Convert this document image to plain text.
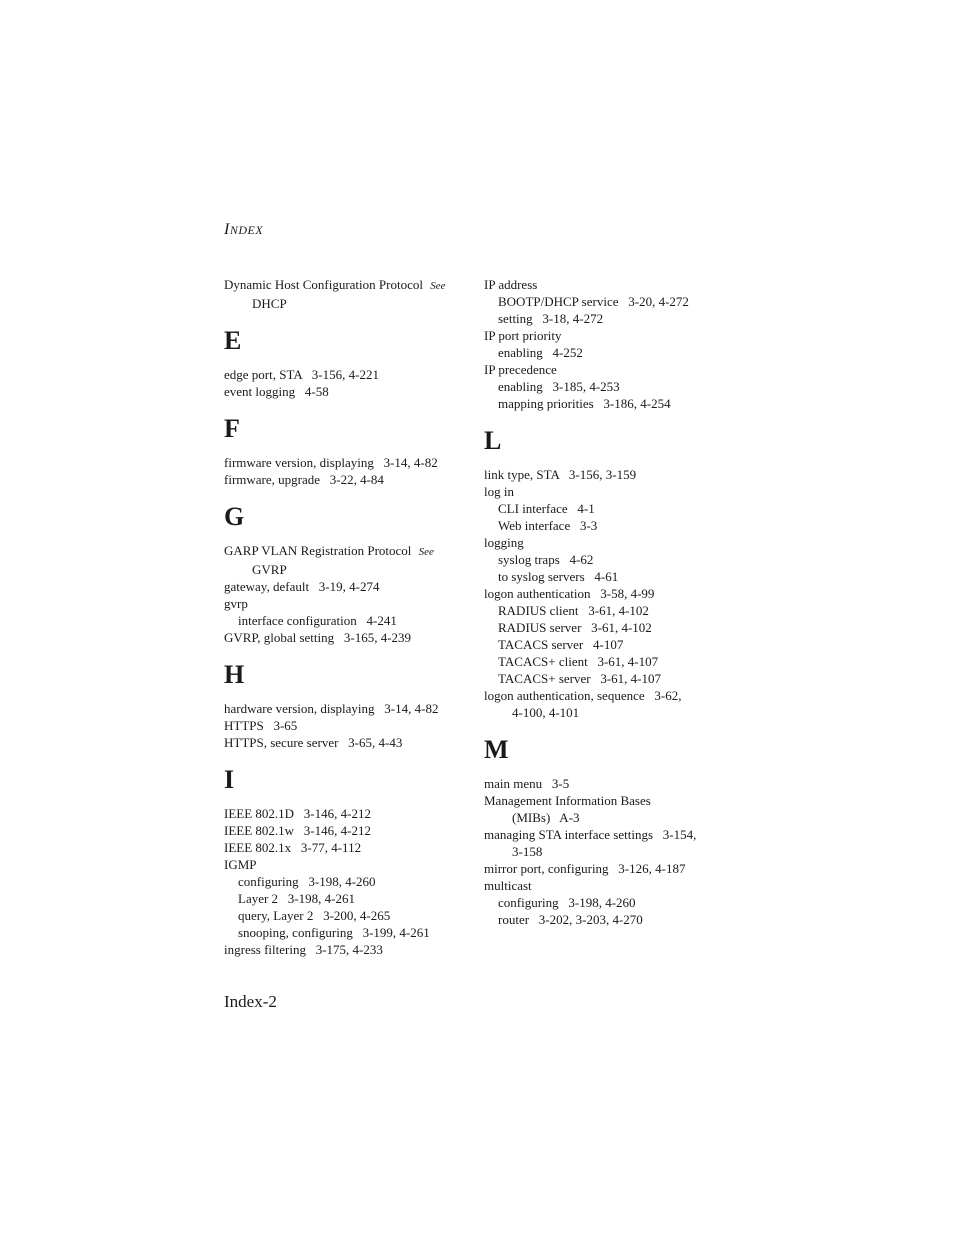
INDEX
Dynamic Host Configuration Protocol See
DHCP
E
edge port, STA   3-156, 4-221
event logging   4-58
F
firmware version, displaying   3-14, 4-82
firmware, upgrade   3-22, 4-84
G
GARP VLAN Registration Protocol See
GVRP
gateway, default   3-19, 4-274
gvrp
interface configuration   4-241
GVRP, global setting   3-165, 4-239
H
hardware version, displaying   3-14, 4-82
HTTPS   3-65
HTTPS, secure server   3-65, 4-43
I
IEEE 802.1D   3-146, 4-212
IEEE 802.1w   3-146, 4-212
IEEE 802.1x   3-77, 4-112
IGMP
configuring   3-198, 4-260
Layer 2   3-198, 4-261
query, Layer 2   3-200, 4-265
snooping, configuring   3-199, 4-261
ingress filtering   3-175, 4-233
IP address
BOOTP/DHCP service   3-20, 4-272
setting   3-18, 4-272
IP port priority
enabling   4-252
IP precedence
enabling   3-185, 4-253
mapping priorities   3-186, 4-254
L
link type, STA   3-156, 3-159
log in
CLI interface   4-1
Web interface   3-3
logging
syslog traps   4-62
to syslog servers   4-61
logon authentication   3-58, 4-99
RADIUS client   3-61, 4-102
RADIUS server   3-61, 4-102
TACACS server   4-107
TACACS+ client   3-61, 4-107
TACACS+ server   3-61, 4-107
logon authentication, sequence   3-62,
4-100, 4-101
M
main menu   3-5
Management Information Bases
(MIBs)   A-3
managing STA interface settings   3-154,
3-158
mirror port, configuring   3-126, 4-187
multicast
configuring   3-198, 4-260
router   3-202, 3-203, 4-270
Index-2
